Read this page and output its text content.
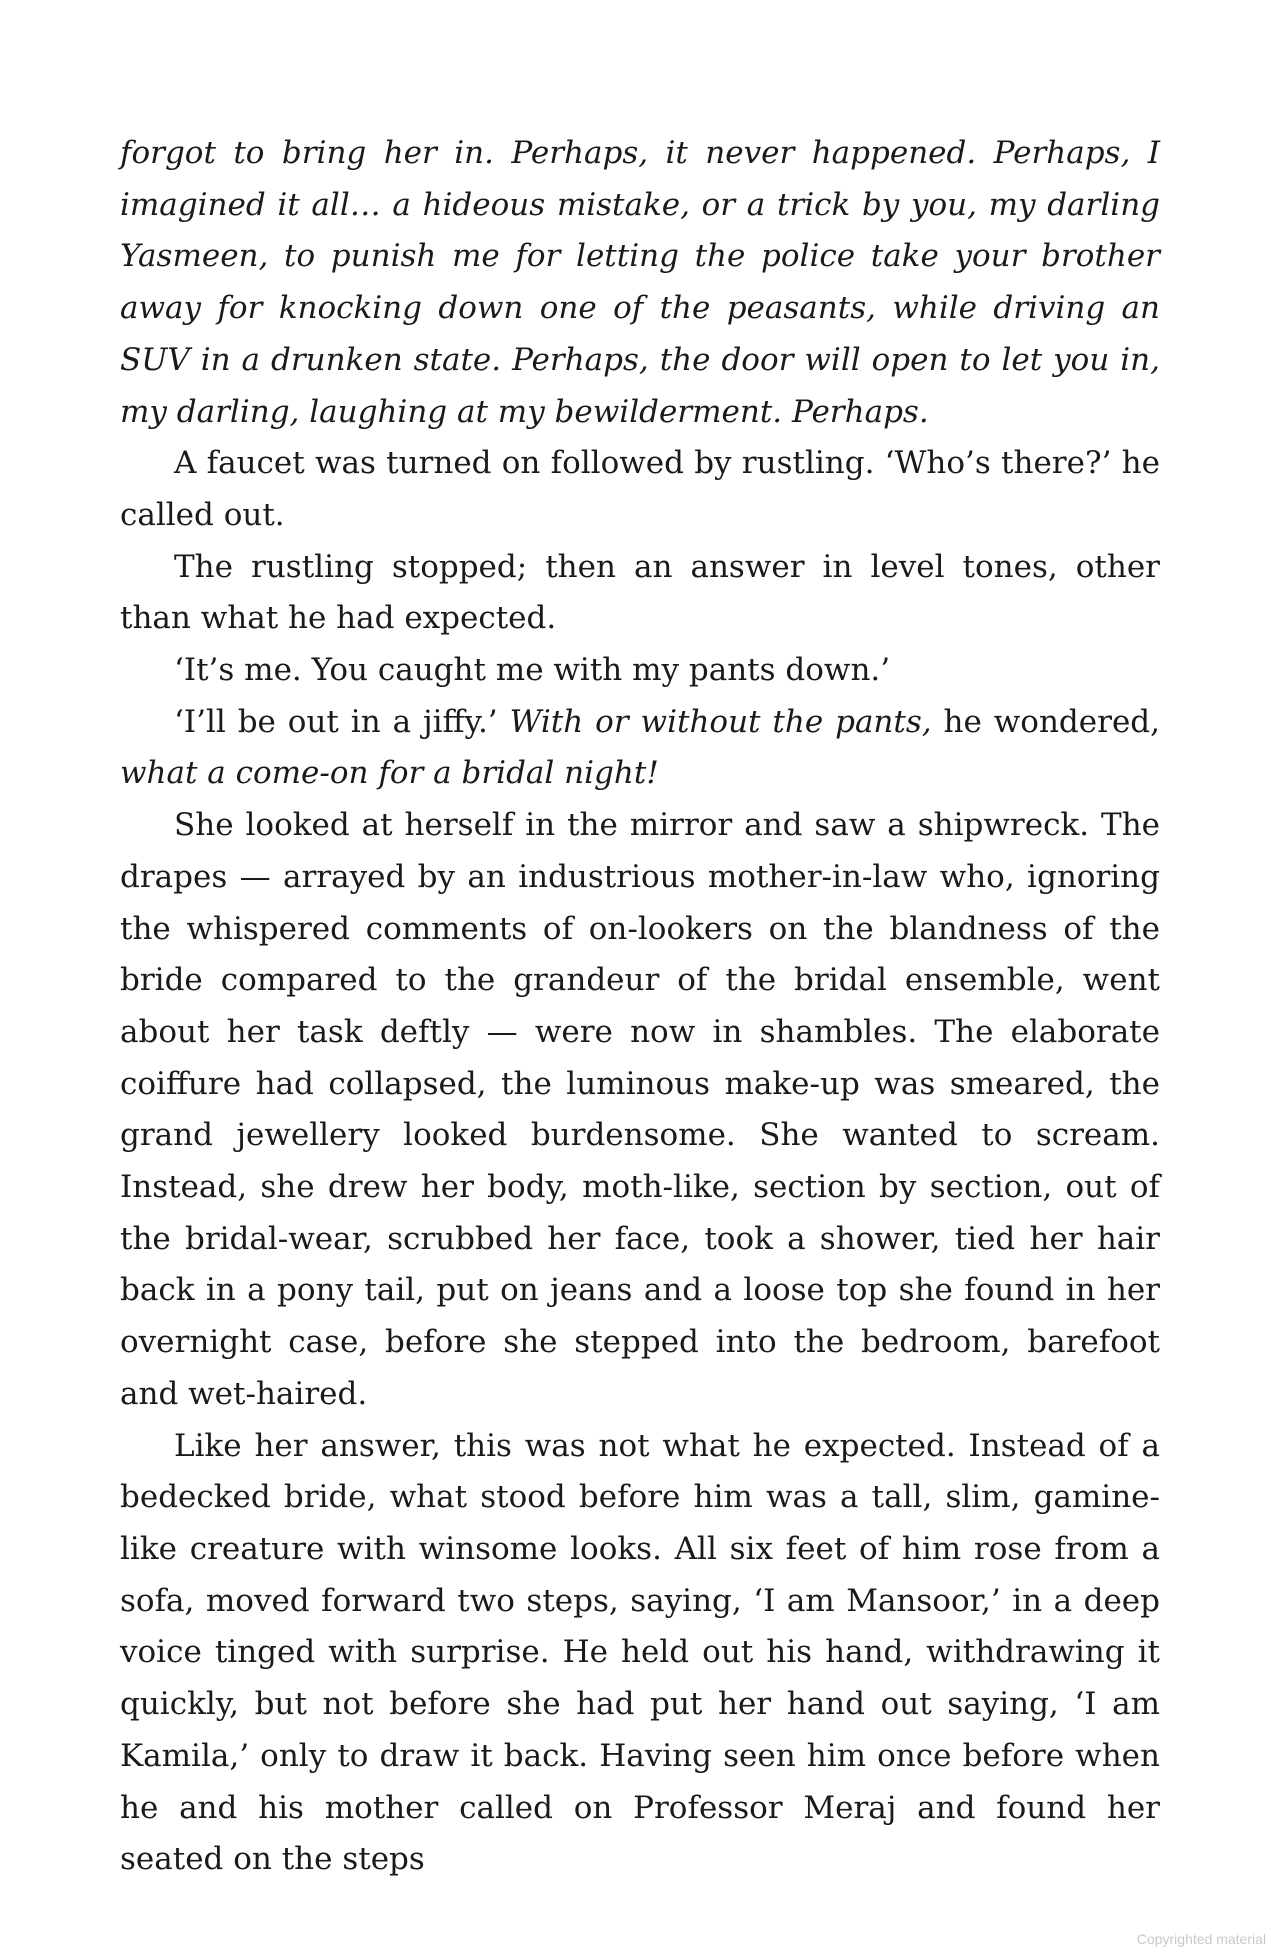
forgot to bring her in. Perhaps, it never happened. Perhaps, I imagined it all… a hideous mistake, or a trick by you, my darling Yasmeen, to punish me for letting the police take your brother away for knocking down one of the peasants, while driving an SUV in a drunken state. Perhaps, the door will open to let you in, my darling, laughing at my bewilderment. Perhaps.

A faucet was turned on followed by rustling. ‘Who’s there?’ he called out.

The rustling stopped; then an answer in level tones, other than what he had expected.

‘It’s me. You caught me with my pants down.’

‘I’ll be out in a jiffy.’ With or without the pants, he wondered, what a come-on for a bridal night!

She looked at herself in the mirror and saw a shipwreck. The drapes — arrayed by an industrious mother-in-law who, ignoring the whispered comments of on-lookers on the blandness of the bride compared to the grandeur of the bridal ensemble, went about her task deftly — were now in shambles. The elaborate coiffure had collapsed, the luminous make-up was smeared, the grand jewellery looked burdensome. She wanted to scream. Instead, she drew her body, moth-like, section by section, out of the bridal-wear, scrubbed her face, took a shower, tied her hair back in a pony tail, put on jeans and a loose top she found in her overnight case, before she stepped into the bedroom, barefoot and wet-haired.

Like her answer, this was not what he expected. Instead of a bedecked bride, what stood before him was a tall, slim, gamine-like creature with winsome looks. All six feet of him rose from a sofa, moved forward two steps, saying, ‘I am Mansoor,’ in a deep voice tinged with surprise. He held out his hand, withdrawing it quickly, but not before she had put her hand out saying, ‘I am Kamila,’ only to draw it back. Having seen him once before when he and his mother called on Professor Meraj and found her seated on the steps

Copyrighted material
